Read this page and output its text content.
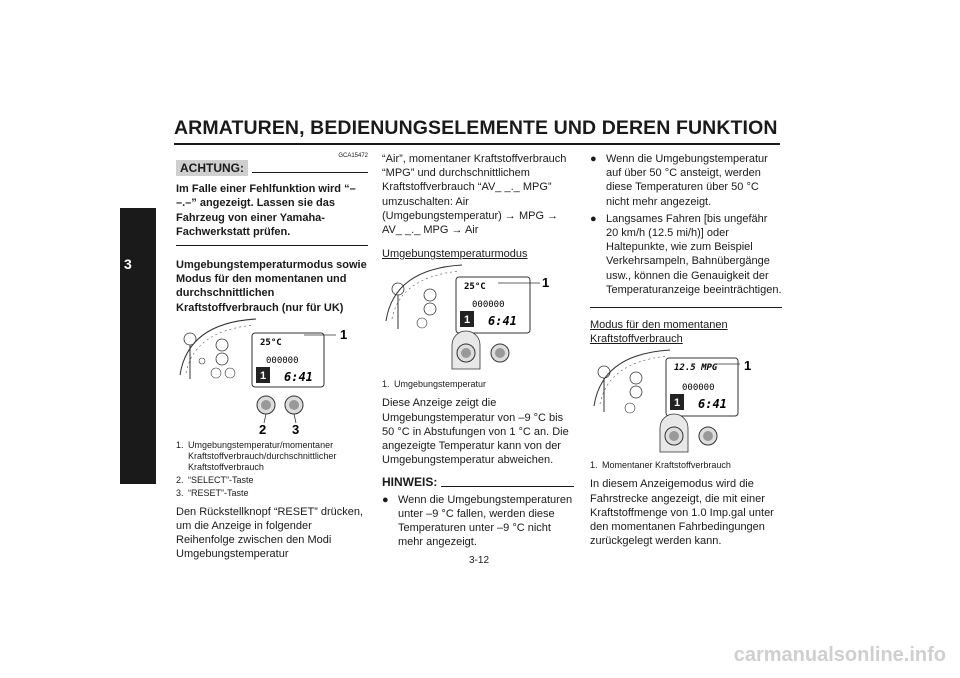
ARMATUREN, BEDIENUNGSELEMENTE UND DEREN FUNKTION
3

GCA15472

ACHTUNG:

Im Falle einer Fehlfunktion wird “– –.–” angezeigt. Lassen sie das Fahrzeug von einer Yamaha-Fachwerkstatt prüfen.

Umgebungstemperaturmodus sowie Modus für den momentanen und durchschnittlichen Kraftstoffverbrauch (nur für UK)

25°C
000000
1 6:41
1
2 3
1. Umgebungstemperatur/momentaner Kraftstoffverbrauch/durchschnittlicher Kraftstoffverbrauch
2. “SELECT”-Taste
3. “RESET”-Taste

Den Rückstellknopf “RESET” drücken, um die Anzeige in folgender Reihenfolge zwischen den Modi Umgebungstemperatur

“Air”, momentaner Kraftstoffverbrauch “MPG” und durchschnittlichem Kraftstoffverbrauch “AV_ _._ MPG” umzuschalten: Air (Umgebungstemperatur) → MPG → AV_ _._ MPG → Air

Umgebungstemperaturmodus

25°C
000000
1 6:41
1
1. Umgebungstemperatur

Diese Anzeige zeigt die Umgebungstemperatur von –9 °C bis 50 °C in Abstufungen von 1 °C an. Die angezeigte Temperatur kann von der Umgebungstemperatur abweichen.

HINWEIS:
● Wenn die Umgebungstemperaturen unter –9 °C fallen, werden diese Temperaturen unter –9 °C nicht mehr angezeigt.
● Wenn die Umgebungstemperatur auf über 50 °C ansteigt, werden diese Temperaturen über 50 °C nicht mehr angezeigt.
● Langsames Fahren [bis ungefähr 20 km/h (12.5 mi/h)] oder Haltepunkte, wie zum Beispiel Verkehrsampeln, Bahnübergänge usw., können die Genauigkeit der Temperaturanzeige beeinträchtigen.

Modus für den momentanen Kraftstoffverbrauch

12.5 MPG
000000
1 6:41
1
1. Momentaner Kraftstoffverbrauch

In diesem Anzeigemodus wird die Fahrstrecke angezeigt, die mit einer Kraftstoffmenge von 1.0 Imp.gal unter den momentanen Fahrbedingungen zurückgelegt werden kann.

3-12
carmanualsonline.info
